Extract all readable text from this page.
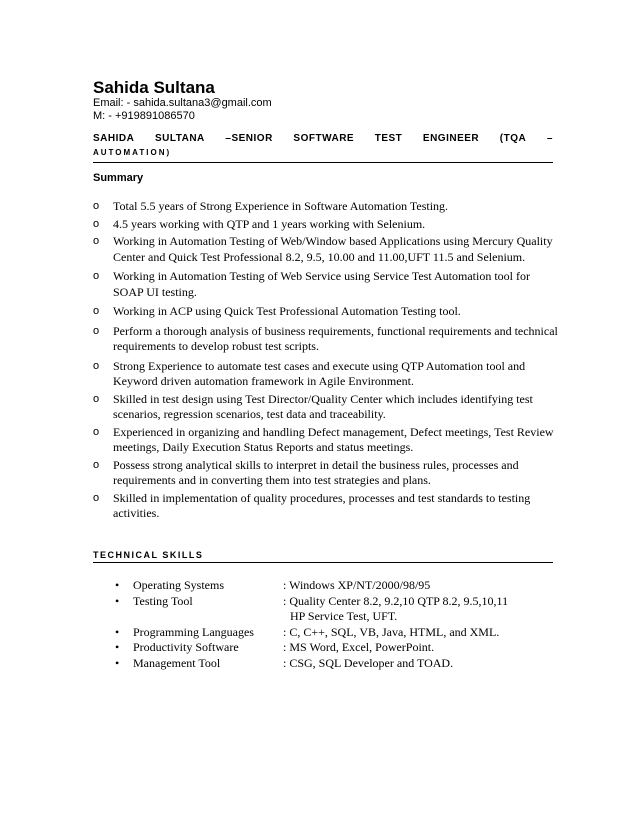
Sahida Sultana
Email: - sahida.sultana3@gmail.com
M: - +919891086570
SAHIDA SULTANA –SENIOR SOFTWARE TEST ENGINEER (TQA –
AUTOMATION)
Summary
o Total 5.5 years of Strong Experience in Software Automation Testing.
o 4.5 years working with QTP and 1 years working with Selenium.
o Working in Automation Testing of Web/Window based Applications using Mercury Quality Center and Quick Test Professional 8.2, 9.5, 10.00 and 11.00,UFT 11.5 and Selenium.
o Working in Automation Testing of Web Service using Service Test Automation tool for SOAP UI testing.
o Working in ACP using Quick Test Professional Automation Testing tool.
o Perform a thorough analysis of business requirements, functional requirements and technical requirements to develop robust test scripts.
o Strong Experience to automate test cases and execute using QTP Automation tool and Keyword driven automation framework in Agile Environment.
o Skilled in test design using Test Director/Quality Center which includes identifying test scenarios, regression scenarios, test data and traceability.
o Experienced in organizing and handling Defect management, Defect meetings, Test Review meetings, Daily Execution Status Reports and status meetings.
o Possess strong analytical skills to interpret in detail the business rules, processes and requirements and in converting them into test strategies and plans.
o Skilled in implementation of quality procedures, processes and test standards to testing activities.
TECHNICAL SKILLS
• Operating Systems	: Windows XP/NT/2000/98/95
• Testing Tool	: Quality Center 8.2, 9.2,10 QTP 8.2, 9.5,10,11
HP Service Test, UFT.
• Programming Languages	: C, C++, SQL, VB, Java, HTML, and XML.
• Productivity Software	: MS Word, Excel, PowerPoint.
• Management Tool	: CSG, SQL Developer and TOAD.
